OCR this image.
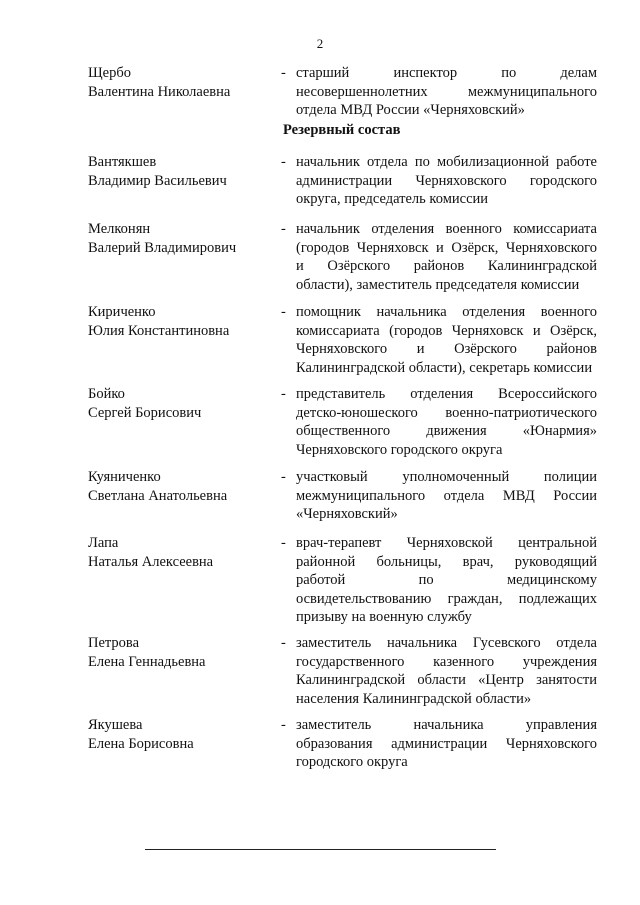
2
Щербо
Валентина Николаевна
- старший инспектор по делам
несовершеннолетних межмуниципального
отдела МВД России «Черняховский»
Резервный состав
Вантякшев
Владимир Васильевич
- начальник отдела по мобилизационной работе
администрации Черняховского городского
округа, председатель комиссии
Мелконян
Валерий Владимирович
- начальник отделения военного комиссариата
(городов Черняховск и Озёрск, Черняховского
и Озёрского районов Калининградской
области), заместитель председателя комиссии
Кириченко
Юлия Константиновна
- помощник начальника отделения военного
комиссариата (городов Черняховск и Озёрск,
Черняховского и Озёрского районов
Калининградской области), секретарь комиссии
Бойко
Сергей Борисович
- представитель отделения Всероссийского
детско-юношеского военно-патриотического
общественного движения «Юнармия»
Черняховского городского округа
Куяниченко
Светлана Анатольевна
- участковый уполномоченный полиции
межмуниципального отдела МВД России
«Черняховский»
Лапа
Наталья Алексеевна
- врач-терапевт Черняховской центральной
районной больницы, врач, руководящий
работой по медицинскому
освидетельствованию граждан, подлежащих
призыву на военную службу
Петрова
Елена Геннадьевна
- заместитель начальника Гусевского отдела
государственного казенного учреждения
Калининградской области «Центр занятости
населения Калининградской области»
Якушева
Елена Борисовна
- заместитель начальника управления
образования администрации Черняховского
городского округа
